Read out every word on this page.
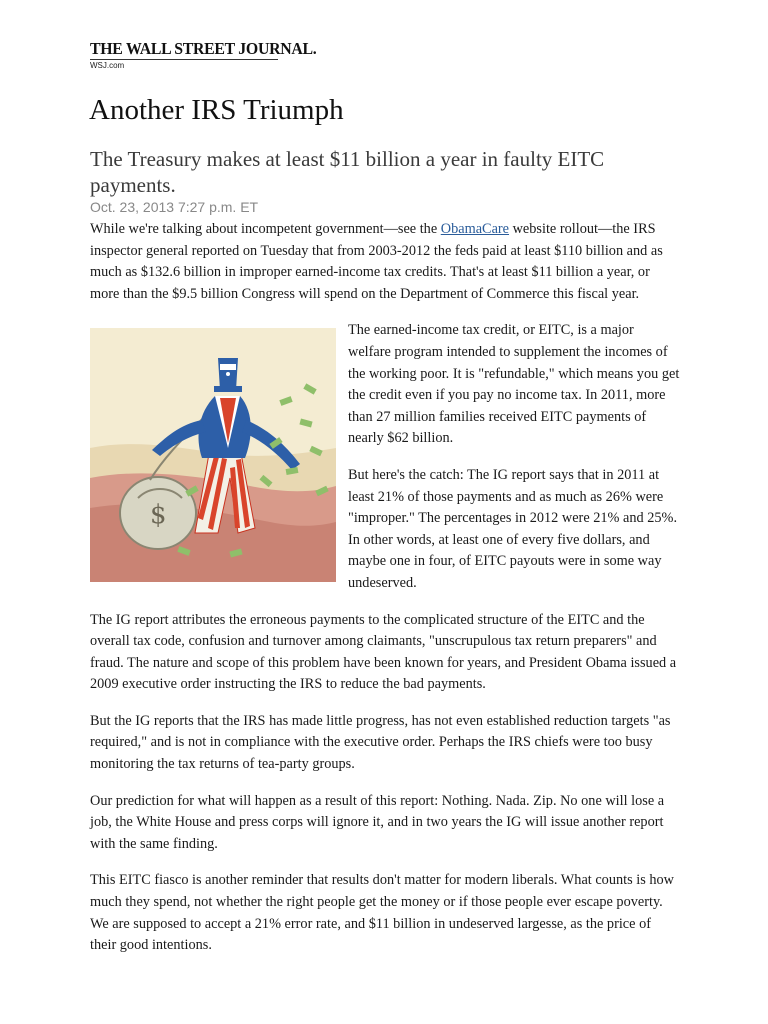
THE WALL STREET JOURNAL.
WSJ.com
Another IRS Triumph
The Treasury makes at least $11 billion a year in faulty EITC payments.
Oct. 23, 2013 7:27 p.m. ET

While we're talking about incompetent government—see the ObamaCare website rollout—the IRS inspector general reported on Tuesday that from 2003-2012 the feds paid at least $110 billion and as much as $132.6 billion in improper earned-income tax credits. That's at least $11 billion a year, or more than the $9.5 billion Congress will spend on the Department of Commerce this fiscal year.

$

The earned-income tax credit, or EITC, is a major welfare program intended to supplement the incomes of the working poor. It is "refundable," which means you get the credit even if you pay no income tax. In 2011, more than 27 million families received EITC payments of nearly $62 billion.

But here's the catch: The IG report says that in 2011 at least 21% of those payments and as much as 26% were "improper." The percentages in 2012 were 21% and 25%. In other words, at least one of every five dollars, and maybe one in four, of EITC payouts were in some way undeserved.

The IG report attributes the erroneous payments to the complicated structure of the EITC and the overall tax code, confusion and turnover among claimants, "unscrupulous tax return preparers" and fraud. The nature and scope of this problem have been known for years, and President Obama issued a 2009 executive order instructing the IRS to reduce the bad payments.

But the IG reports that the IRS has made little progress, has not even established reduction targets "as required," and is not in compliance with the executive order. Perhaps the IRS chiefs were too busy monitoring the tax returns of tea-party groups.

Our prediction for what will happen as a result of this report: Nothing. Nada. Zip. No one will lose a job, the White House and press corps will ignore it, and in two years the IG will issue another report with the same finding.

This EITC fiasco is another reminder that results don't matter for modern liberals. What counts is how much they spend, not whether the right people get the money or if those people ever escape poverty. We are supposed to accept a 21% error rate, and $11 billion in undeserved largesse, as the price of their good intentions.
